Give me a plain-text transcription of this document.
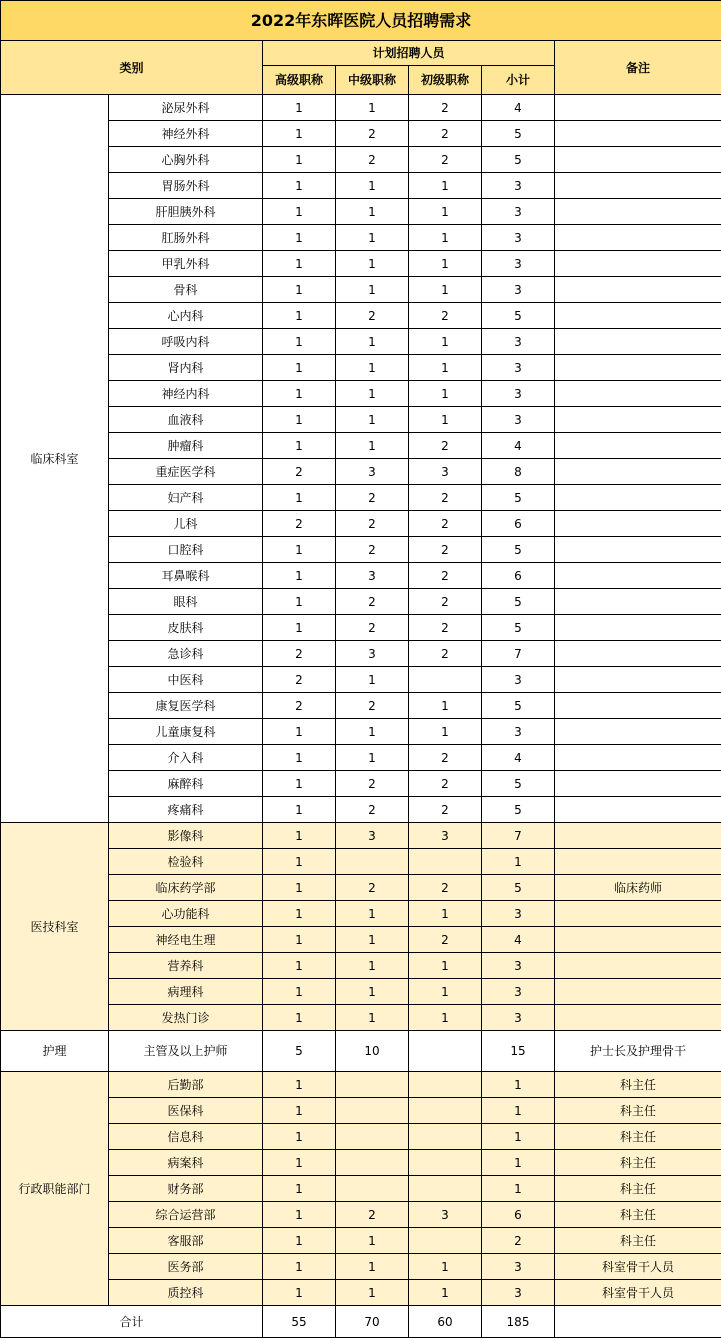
2022年东晖医院人员招聘需求						
类别		计划招聘人员				备注
		高级职称	中级职称	初级职称	小计	
临床科室	泌尿外科	1	1	2	4	
	神经外科	1	2	2	5	
	心胸外科	1	2	2	5	
	胃肠外科	1	1	1	3	
	肝胆胰外科	1	1	1	3	
	肛肠外科	1	1	1	3	
	甲乳外科	1	1	1	3	
	骨科	1	1	1	3	
	心内科	1	2	2	5	
	呼吸内科	1	1	1	3	
	肾内科	1	1	1	3	
	神经内科	1	1	1	3	
	血液科	1	1	1	3	
	肿瘤科	1	1	2	4	
	重症医学科	2	3	3	8	
	妇产科	1	2	2	5	
	儿科	2	2	2	6	
	口腔科	1	2	2	5	
	耳鼻喉科	1	3	2	6	
	眼科	1	2	2	5	
	皮肤科	1	2	2	5	
	急诊科	2	3	2	7	
	中医科	2	1		3	
	康复医学科	2	2	1	5	
	儿童康复科	1	1	1	3	
	介入科	1	1	2	4	
	麻醉科	1	2	2	5	
	疼痛科	1	2	2	5	
医技科室	影像科	1	3	3	7	
	检验科	1			1	
	临床药学部	1	2	2	5	临床药师
	心功能科	1	1	1	3	
	神经电生理	1	1	2	4	
	营养科	1	1	1	3	
	病理科	1	1	1	3	
	发热门诊	1	1	1	3	
护理	主管及以上护师	5	10		15	护士长及护理骨干
行政职能部门	后勤部	1			1	科主任
	医保科	1			1	科主任
	信息科	1			1	科主任
	病案科	1			1	科主任
	财务部	1			1	科主任
	综合运营部	1	2	3	6	科主任
	客服部	1	1		2	科主任
	医务部	1	1	1	3	科室骨干人员
	质控科	1	1	1	3	科室骨干人员
合计		55	70	60	185	
